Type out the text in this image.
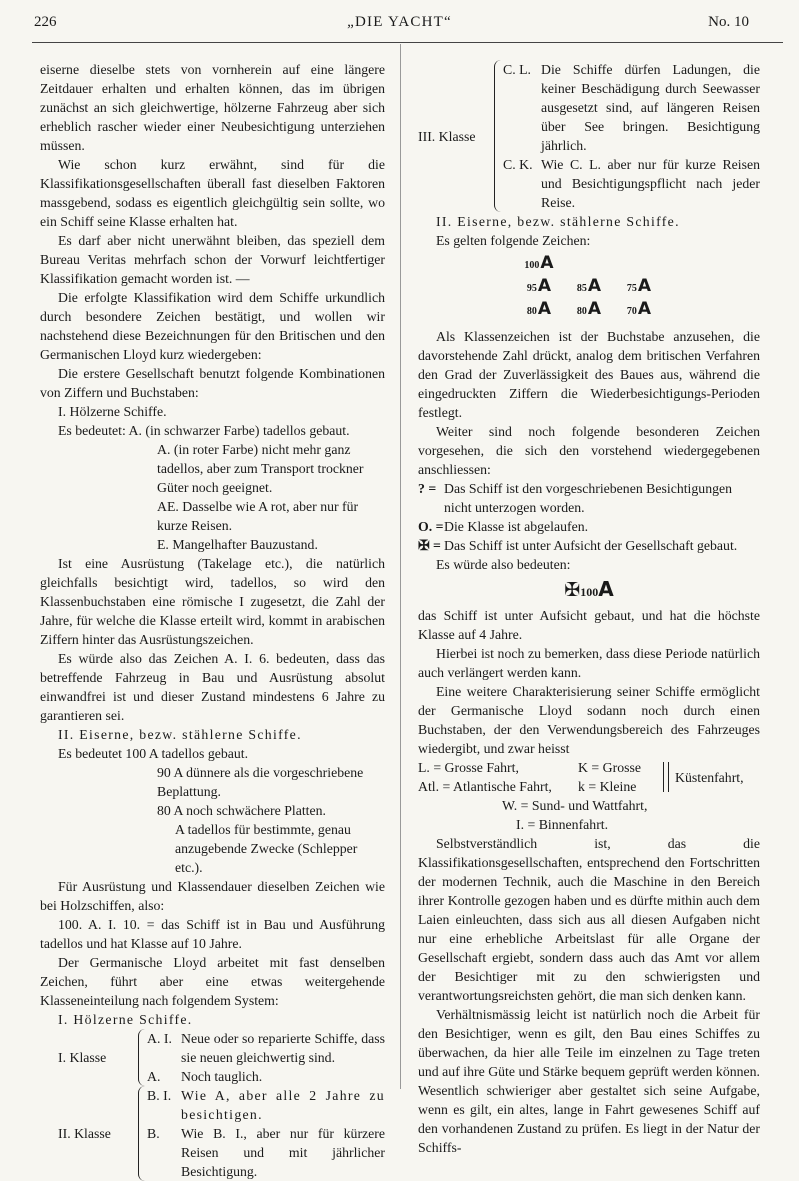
226	„DIE YACHT“	No. 10

eiserne dieselbe stets von vornherein auf eine längere Zeitdauer erhalten und erhalten können, das im übrigen zunächst an sich gleichwertige, hölzerne Fahrzeug aber sich erheblich rascher wieder einer Neubesichtigung unterziehen müssen.

Wie schon kurz erwähnt, sind für die Klassifikationsgesellschaften überall fast dieselben Faktoren massgebend, sodass es eigentlich gleichgültig sein sollte, wo ein Schiff seine Klasse erhalten hat.

Es darf aber nicht unerwähnt bleiben, das speziell dem Bureau Veritas mehrfach schon der Vorwurf leichtfertiger Klassifikation gemacht worden ist. —

Die erfolgte Klassifikation wird dem Schiffe urkundlich durch besondere Zeichen bestätigt, und wollen wir nachstehend diese Bezeichnungen für den Britischen und den Germanischen Lloyd kurz wiedergeben:

Die erstere Gesellschaft benutzt folgende Kombinationen von Ziffern und Buchstaben:

I. Hölzerne Schiffe.

Es bedeutet: A. (in schwarzer Farbe) tadellos gebaut.

A. (in roter Farbe) nicht mehr ganz tadellos, aber zum Transport trockner Güter noch geeignet.

AE. Dasselbe wie A rot, aber nur für kurze Reisen.

E. Mangelhafter Bauzustand.

Ist eine Ausrüstung (Takelage etc.), die natürlich gleichfalls besichtigt wird, tadellos, so wird den Klassenbuchstaben eine römische I zugesetzt, die Zahl der Jahre, für welche die Klasse erteilt wird, kommt in arabischen Ziffern hinter das Ausrüstungszeichen.

Es würde also das Zeichen A. I. 6. bedeuten, dass das betreffende Fahrzeug in Bau und Ausrüstung absolut einwandfrei ist und dieser Zustand mindestens 6 Jahre zu garantieren sei.

II. Eiserne, bezw. stählerne Schiffe.

Es bedeutet 100 A tadellos gebaut.

90 A dünnere als die vorgeschriebene Beplattung.

80 A noch schwächere Platten.

A tadellos für bestimmte, genau anzugebende Zwecke (Schlepper etc.).

Für Ausrüstung und Klassendauer dieselben Zeichen wie bei Holzschiffen, also:

100. A. I. 10. = das Schiff ist in Bau und Ausführung tadellos und hat Klasse auf 10 Jahre.

Der Germanische Lloyd arbeitet mit fast denselben Zeichen, führt aber eine etwas weitergehende Klasseneinteilung nach folgendem System:

I. Hölzerne Schiffe.

I. Klasse
A. I. Neue oder so reparierte Schiffe, dass sie neuen gleichwertig sind.
A.	Noch tauglich.
II. Klasse
B. I. Wie A, aber alle 2 Jahre zu besichtigen.
B.	Wie B. I., aber nur für kürzere Reisen und mit jährlicher Besichtigung.
III. Klasse
C. L. Die Schiffe dürfen Ladungen, die keiner Beschädigung durch Seewasser ausgesetzt sind, auf längeren Reisen über See bringen. Besichtigung jährlich.
C. K. Wie C. L. aber nur für kurze Reisen und Besichtigungspflicht nach jeder Reise.

II. Eiserne, bezw. stählerne Schiffe.

Es gelten folgende Zeichen:

100 A
95 A	85 A	75 A
80 A	80 A	70 A

Als Klassenzeichen ist der Buchstabe anzusehen, die davorstehende Zahl drückt, analog dem britischen Verfahren den Grad der Zuverlässigkeit des Baues aus, während die eingedruckten Ziffern die Wiederbesichtigungs-Perioden festlegt.

Weiter sind noch folgende besonderen Zeichen vorgesehen, die sich den vorstehend wiedergegebenen anschliessen:

? = Das Schiff ist den vorgeschriebenen Besichtigungen nicht unterzogen worden.
O. = Die Klasse ist abgelaufen.
✠ = Das Schiff ist unter Aufsicht der Gesellschaft gebaut.

Es würde also bedeuten:

✠100A

das Schiff ist unter Aufsicht gebaut, und hat die höchste Klasse auf 4 Jahre.

Hierbei ist noch zu bemerken, dass diese Periode natürlich auch verlängert werden kann.

Eine weitere Charakterisierung seiner Schiffe ermöglicht der Germanische Lloyd sodann noch durch einen Buchstaben, der den Verwendungsbereich des Fahrzeuges wiedergibt, und zwar heisst

L. = Grosse Fahrt,	K = Grosse
Atl. = Atlantische Fahrt,	k = Kleine
Küstenfahrt,
W. = Sund- und Wattfahrt,
I. = Binnenfahrt.

Selbstverständlich ist, das die Klassifikationsgesellschaften, entsprechend den Fortschritten der modernen Technik, auch die Maschine in den Bereich ihrer Kontrolle gezogen haben und es dürfte mithin auch dem Laien einleuchten, dass sich aus all diesen Aufgaben nicht nur eine erhebliche Arbeitslast für alle Organe der Gesellschaft ergiebt, sondern dass auch das Amt vor allem der Besichtiger mit zu den schwierigsten und verantwortungsreichsten gehört, die man sich denken kann.

Verhältnismässig leicht ist natürlich noch die Arbeit für den Besichtiger, wenn es gilt, den Bau eines Schiffes zu überwachen, da hier alle Teile im einzelnen zu Tage treten und auf ihre Güte und Stärke bequem geprüft werden können. Wesentlich schwieriger aber gestaltet sich seine Aufgabe, wenn es gilt, ein altes, lange in Fahrt gewesenes Schiff auf den vorhandenen Zustand zu prüfen. Es liegt in der Natur der Schiffs-
